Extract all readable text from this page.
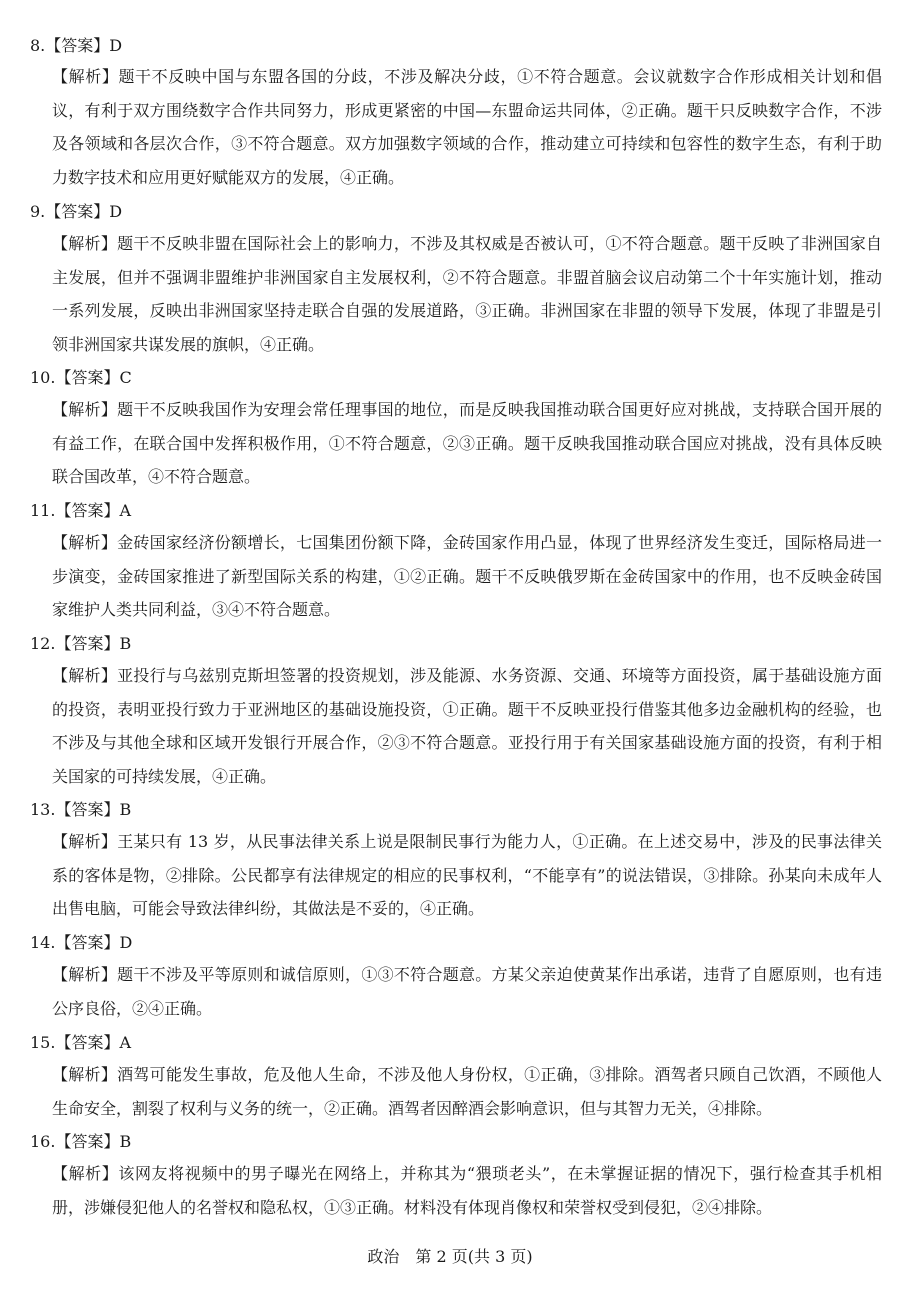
8.【答案】D
【解析】题干不反映中国与东盟各国的分歧，不涉及解决分歧，①不符合题意。会议就数字合作形成相关计划和倡议，有利于双方围绕数字合作共同努力，形成更紧密的中国—东盟命运共同体，②正确。题干只反映数字合作，不涉及各领域和各层次合作，③不符合题意。双方加强数字领域的合作，推动建立可持续和包容性的数字生态，有利于助力数字技术和应用更好赋能双方的发展，④正确。
9.【答案】D
【解析】题干不反映非盟在国际社会上的影响力，不涉及其权威是否被认可，①不符合题意。题干反映了非洲国家自主发展，但并不强调非盟维护非洲国家自主发展权利，②不符合题意。非盟首脑会议启动第二个十年实施计划，推动一系列发展，反映出非洲国家坚持走联合自强的发展道路，③正确。非洲国家在非盟的领导下发展，体现了非盟是引领非洲国家共谋发展的旗帜，④正确。
10.【答案】C
【解析】题干不反映我国作为安理会常任理事国的地位，而是反映我国推动联合国更好应对挑战，支持联合国开展的有益工作，在联合国中发挥积极作用，①不符合题意，②③正确。题干反映我国推动联合国应对挑战，没有具体反映联合国改革，④不符合题意。
11.【答案】A
【解析】金砖国家经济份额增长，七国集团份额下降，金砖国家作用凸显，体现了世界经济发生变迁，国际格局进一步演变，金砖国家推进了新型国际关系的构建，①②正确。题干不反映俄罗斯在金砖国家中的作用，也不反映金砖国家维护人类共同利益，③④不符合题意。
12.【答案】B
【解析】亚投行与乌兹别克斯坦签署的投资规划，涉及能源、水务资源、交通、环境等方面投资，属于基础设施方面的投资，表明亚投行致力于亚洲地区的基础设施投资，①正确。题干不反映亚投行借鉴其他多边金融机构的经验，也不涉及与其他全球和区域开发银行开展合作，②③不符合题意。亚投行用于有关国家基础设施方面的投资，有利于相关国家的可持续发展，④正确。
13.【答案】B
【解析】王某只有 13 岁，从民事法律关系上说是限制民事行为能力人，①正确。在上述交易中，涉及的民事法律关系的客体是物，②排除。公民都享有法律规定的相应的民事权利，“不能享有”的说法错误，③排除。孙某向未成年人出售电脑，可能会导致法律纠纷，其做法是不妥的，④正确。
14.【答案】D
【解析】题干不涉及平等原则和诚信原则，①③不符合题意。方某父亲迫使黄某作出承诺，违背了自愿原则，也有违公序良俗，②④正确。
15.【答案】A
【解析】酒驾可能发生事故，危及他人生命，不涉及他人身份权，①正确，③排除。酒驾者只顾自己饮酒，不顾他人生命安全，割裂了权利与义务的统一，②正确。酒驾者因醉酒会影响意识，但与其智力无关，④排除。
16.【答案】B
【解析】该网友将视频中的男子曝光在网络上，并称其为“猥琐老头”，在未掌握证据的情况下，强行检查其手机相册，涉嫌侵犯他人的名誉权和隐私权，①③正确。材料没有体现肖像权和荣誉权受到侵犯，②④排除。
政治　第 2 页(共 3 页)
